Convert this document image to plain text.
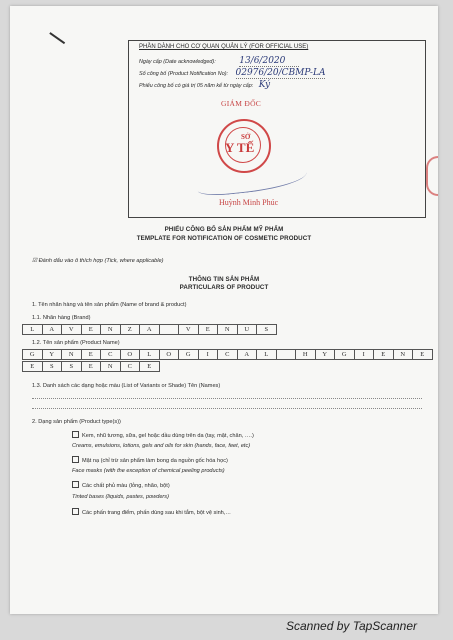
PHẦN DÀNH CHO CƠ QUAN QUẢN LÝ (FOR OFFICIAL USE)
Ngày cấp (Date acknowledged):	13/6/2020
Số công bố (Product Notification No): 02976/20/CBMP-LA
Phiếu công bố có giá trị 05 năm kể từ ngày cấp: Ký
GIÁM ĐỐC
SỞ
Y TẾ
Huỳnh Minh Phúc
PHIẾU CÔNG BỐ SẢN PHẨM MỸ PHẨM
TEMPLATE FOR NOTIFICATION OF COSMETIC PRODUCT
☑ Đánh dấu vào ô thích hợp (Tick, where applicable)
THÔNG TIN SẢN PHẨM
PARTICULARS OF PRODUCT
1. Tên nhãn hàng và tên sản phẩm (Name of brand & product)
1.1. Nhãn hàng (Brand)
L	A	V	E	N	Z	A	V	E	N	U	S
1.2. Tên sản phẩm (Product Name)
G	Y	N	E	C	O	L	O	G	I	C	A	L	H	Y	G	I	E	N	E
E	S	S	E	N	C	E
1.3. Danh sách các dạng hoặc màu (List of Variants or Shade) Tên (Names)
2. Dạng sản phẩm (Product type(s))
Kem, nhũ tương, sữa, gel hoặc dầu dùng trên da (tay, mặt, chân, ….)
Creams, emulsions, lotions, gels and oils for skin (hands, face, feet, etc)
Mặt nạ (chỉ trừ sản phẩm làm bong da nguồn gốc hóa học)
Face masks (with the exception of chemical peeling products)
Các chất phủ màu (lỏng, nhão, bột)
Tinted bases (liquids, pastes, powders)
Các phấn trang điểm, phấn dùng sau khi tắm, bột vệ sinh,…
Scanned by TapScanner
